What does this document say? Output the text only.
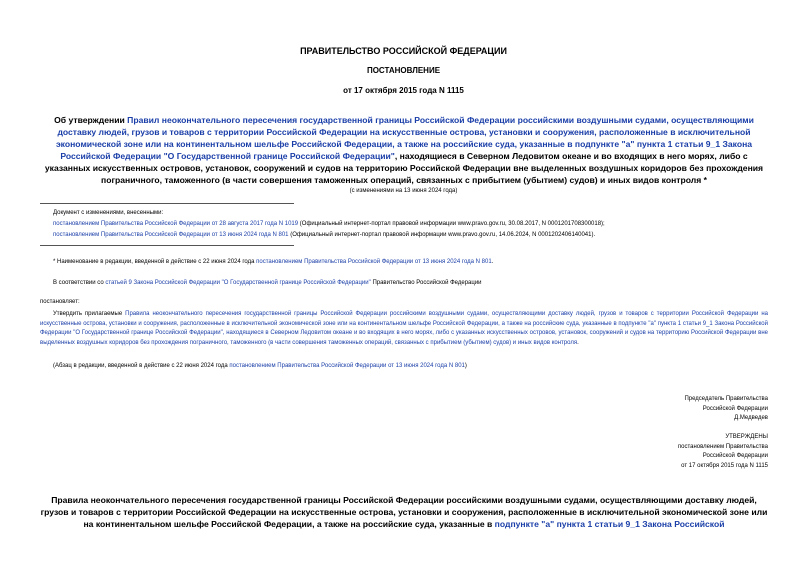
ПРАВИТЕЛЬСТВО РОССИЙСКОЙ ФЕДЕРАЦИИ
ПОСТАНОВЛЕНИЕ
от 17 октября 2015 года N 1115
Об утверждении Правил неокончательного пересечения государственной границы Российской Федерации российскими воздушными судами, осуществляющими доставку людей, грузов и товаров с территории Российской Федерации на искусственные острова, установки и сооружения, расположенные в исключительной экономической зоне или на континентальном шельфе Российской Федерации, а также на российские суда, указанные в подпункте "а" пункта 1 статьи 9_1 Закона Российской Федерации "О Государственной границе Российской Федерации", находящиеся в Северном Ледовитом океане и во входящих в него морях, либо с указанных искусственных островов, установок, сооружений и судов на территорию Российской Федерации вне выделенных воздушных коридоров без прохождения пограничного, таможенного (в части совершения таможенных операций, связанных с прибытием (убытием) судов) и иных видов контроля *
(с изменениями на 13 июня 2024 года)
Документ с изменениями, внесенными:
постановлением Правительства Российской Федерации от 28 августа 2017 года N 1019 (Официальный интернет-портал правовой информации www.pravo.gov.ru, 30.08.2017, N 0001201708300018);
постановлением Правительства Российской Федерации от 13 июня 2024 года N 801 (Официальный интернет-портал правовой информации www.pravo.gov.ru, 14.06.2024, N 0001202406140041).
* Наименование в редакции, введенной в действие с 22 июня 2024 года постановлением Правительства Российской Федерации от 13 июня 2024 года N 801.
В соответствии со статьей 9 Закона Российской Федерации "О Государственной границе Российской Федерации" Правительство Российской Федерации
постановляет:
Утвердить прилагаемые Правила неокончательного пересечения государственной границы Российской Федерации российскими воздушными судами, осуществляющими доставку людей, грузов и товаров с территории Российской Федерации на искусственные острова, установки и сооружения, расположенные в исключительной экономической зоне или на континентальном шельфе Российской Федерации, а также на российские суда, указанные в подпункте "а" пункта 1 статьи 9_1 Закона Российской Федерации "О Государственной границе Российской Федерации", находящиеся в Северном Ледовитом океане и во входящих в него морях, либо с указанных искусственных островов, установок, сооружений и судов на территорию Российской Федерации вне выделенных воздушных коридоров без прохождения пограничного, таможенного (в части совершения таможенных операций, связанных с прибытием (убытием) судов) и иных видов контроля.
(Абзац в редакции, введенной в действие с 22 июня 2024 года постановлением Правительства Российской Федерации от 13 июня 2024 года N 801)
Председатель Правительства
Российской Федерации
Д.Медведев
УТВЕРЖДЕНЫ
постановлением Правительства
Российской Федерации
от 17 октября 2015 года N 1115
Правила неокончательного пересечения государственной границы Российской Федерации российскими воздушными судами, осуществляющими доставку людей, грузов и товаров с территории Российской Федерации на искусственные острова, установки и сооружения, расположенные в исключительной экономической зоне или на континентальном шельфе Российской Федерации, а также на российские суда, указанные в подпункте "а" пункта 1 статьи 9_1 Закона Российской
